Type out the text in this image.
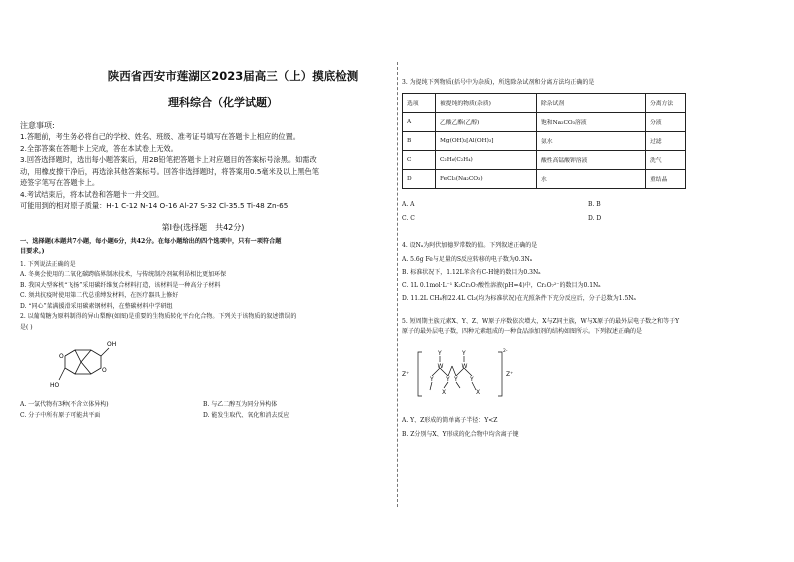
陕西省西安市莲湖区2023届高三（上）摸底检测
理科综合（化学试题）
注意事项:
1.答题前，考生务必将自己的学校、姓名、班级、准考证号填写在答题卡上相应的位置。
2.全部答案在答题卡上完成，答在本试卷上无效。
3.回答选择题时，选出每小题答案后，用2B铅笔把答题卡上对应题目的答案标号涂黑。如需改
动，用橡皮擦干净后，再选涂其他答案标号。回答非选择题时，将答案用0.5毫米及以上黑色笔
迹签字笔写在答题卡上。
4.考试结束后，将本试卷和答题卡一并交回。
可能用到的相对原子质量：H-1 C-12 N-14 O-16 Al-27 S-32 Cl-35.5 Ti-48 Zn-65
第Ⅰ卷(选择题　共42分)
一、选择题(本题共7小题，每小题6分，共42分。在每小题给出的四个选项中，只有一项符合题
目要求。)
1. 下列说法正确的是
A. 冬奥会使用的二氧化碳跨临界制冰技术，与传统制冷剂氟利昂相比更加环保
B. 我国大型客机“飞扬”采用碳纤维复合材料打造，该材料是一种高分子材料
C. 须共抗疫时使用第二代总重缚发材料，在医疗器具上修好
D. “同心”菜满援滑采用碳素钢材料，在整碳材料中学研组
2. 以葡萄糖为原料制得的异山梨醇(如图)是重要的生物质转化平台化合物。下列关于该物质的叙述错误的
是( )
OH
HO
O
O
A. 一氯代物有3种(不含立体异构)	B. 与乙二醇互为同分异构体
C. 分子中所有原子可能共平面	D. 能发生取代、氧化和消去反应
3. 为提纯下列物质(括号中为杂质)，所选除杂试剂和分离方法均正确的是
选项	被提纯的物质(杂质)	除杂试剂	分离方法
A	乙酸乙酯(乙醇)	饱和Na₂CO₃溶液	分液
B	Mg(OH)₂[Al(OH)₃]	氨水	过滤
C	C₂H₆(C₂H₄)	酸性高锰酸钾溶液	洗气
D	FeCl₃(Na₂CO₃)	水	重结晶
A. A	B. B
C. C	D. D
4. 设Nₐ为阿伏加德罗常数的值。下列叙述正确的是
A. 5.6g Fe与足量的S反应转移的电子数为0.3Nₐ
B. 标准状况下，1.12L苯含有C-H键的数目为0.3Nₐ
C. 1L 0.1mol·L⁻¹ K₂Cr₂O₇酸性溶液(pH=4)中，Cr₂O₇²⁻的数目为0.1Nₐ
D. 11.2L CH₄和22.4L Cl₂(均为标准状况)在光照条件下充分反应后，分子总数为1.5Nₐ
5. 短周期主族元素X、Y、Z、W原子序数依次增大，X与Z同主族，W与X原子的最外层电子数之和等于Y
原子的最外层电子数，四种元素组成的一种食品添加剂的结构如图所示。下列叙述正确的是
Z⁺	Z⁺
2-
Y	Y
W	W
Y Y Y Y
X	X
A. Y、Z形成的简单离子半径：Y<Z
B. Z分别与X、Y形成的化合物中均含离子键
